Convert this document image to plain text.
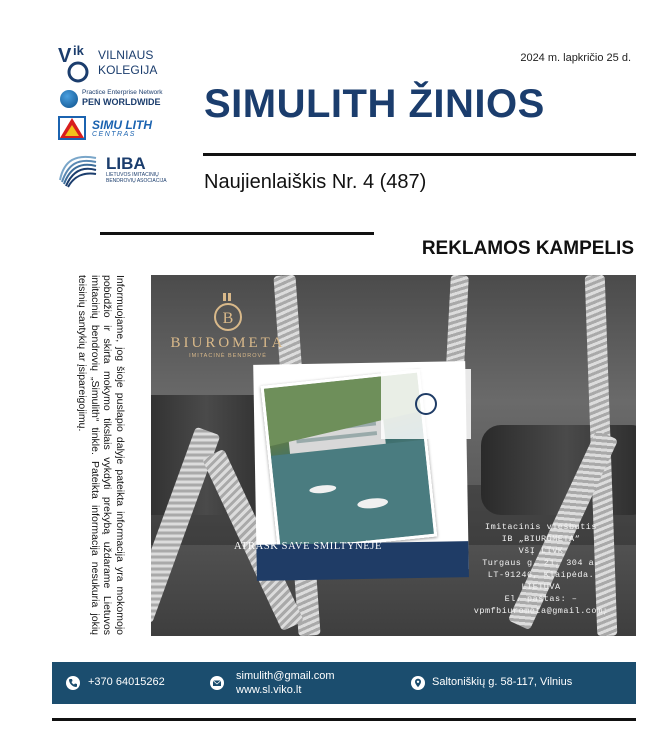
V ik VILNIAUS
KOLEGIJA
Practice Enterprise Network
PEN WORLDWIDE
SIMU LITH
CENTRAS
LIBA
LIETUVOS IMITACINIŲ BENDROVIŲ ASOCIACIJA
2024 m. lapkričio 25 d.
SIMULITH ŽINIOS
Naujienlaiškis Nr. 4 (487)
REKLAMOS KAMPELIS
Informuojame, jog šioje puslapio dalyje pateikta informacija yra mokomojo pobūdžio ir skirta mokymo tikslais vykdyti prekybą uždarame Lietuvos imitacinių bendrovių „Simulith“ tinkle. Pateikta informacija nesukuria jokių teisinių santykių ar įsipareigojimų.	B
BIUROMETA
IMITACINĖ BENDROVĖ
ATRASK SAVE SMILTYNĖJE
Imitacinis viešbutis
IB „BIUROMETA“
VšĮ LTVK
Turgaus g. 21, 304 a.
LT-91246, Klaipėda.
LIETUVA
El. paštas: –
vpmfbiurometa@gmail.com;
+370 64015262	simulith@gmail.com
www.sl.viko.lt
Saltoniškių g. 58-117, Vilnius
